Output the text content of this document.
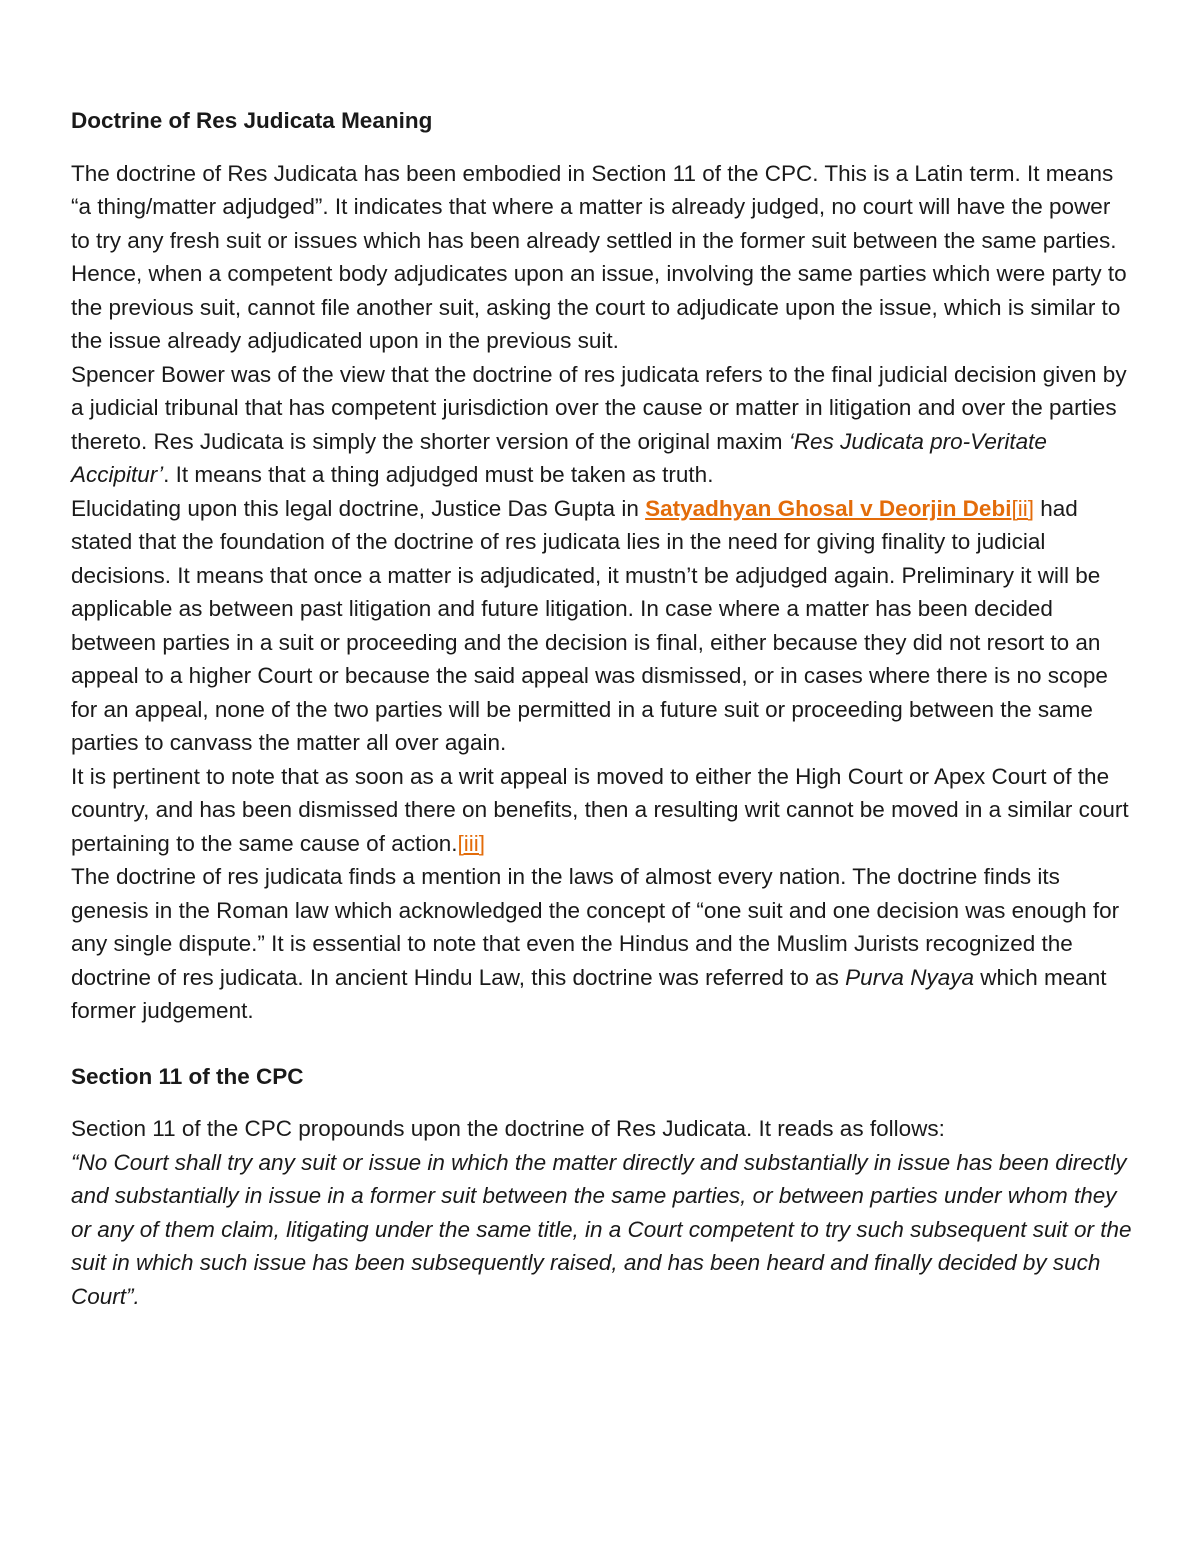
Doctrine of Res Judicata Meaning

The doctrine of Res Judicata has been embodied in Section 11 of the CPC. This is a Latin term. It means “a thing/matter adjudged”. It indicates that where a matter is already judged, no court will have the power to try any fresh suit or issues which has been already settled in the former suit between the same parties.

Hence, when a competent body adjudicates upon an issue, involving the same parties which were party to the previous suit, cannot file another suit, asking the court to adjudicate upon the issue, which is similar to the issue already adjudicated upon in the previous suit.

Spencer Bower was of the view that the doctrine of res judicata refers to the final judicial decision given by a judicial tribunal that has competent jurisdiction over the cause or matter in litigation and over the parties thereto. Res Judicata is simply the shorter version of the original maxim ‘Res Judicata pro-Veritate Accipitur’. It means that a thing adjudged must be taken as truth.

Elucidating upon this legal doctrine, Justice Das Gupta in Satyadhyan Ghosal v Deorjin Debi[ii] had stated that the foundation of the doctrine of res judicata lies in the need for giving finality to judicial decisions. It means that once a matter is adjudicated, it mustn’t be adjudged again. Preliminary it will be applicable as between past litigation and future litigation. In case where a matter has been decided between parties in a suit or proceeding and the decision is final, either because they did not resort to an appeal to a higher Court or because the said appeal was dismissed, or in cases where there is no scope for an appeal, none of the two parties will be permitted in a future suit or proceeding between the same parties to canvass the matter all over again.

It is pertinent to note that as soon as a writ appeal is moved to either the High Court or Apex Court of the country, and has been dismissed there on benefits, then a resulting writ cannot be moved in a similar court pertaining to the same cause of action.[iii]

The doctrine of res judicata finds a mention in the laws of almost every nation. The doctrine finds its genesis in the Roman law which acknowledged the concept of “one suit and one decision was enough for any single dispute.” It is essential to note that even the Hindus and the Muslim Jurists recognized the doctrine of res judicata. In ancient Hindu Law, this doctrine was referred to as Purva Nyaya which meant former judgement.

Section 11 of the CPC

Section 11 of the CPC propounds upon the doctrine of Res Judicata. It reads as follows:

“No Court shall try any suit or issue in which the matter directly and substantially in issue has been directly and substantially in issue in a former suit between the same parties, or between parties under whom they or any of them claim, litigating under the same title, in a Court competent to try such subsequent suit or the suit in which such issue has been subsequently raised, and has been heard and finally decided by such Court”.
